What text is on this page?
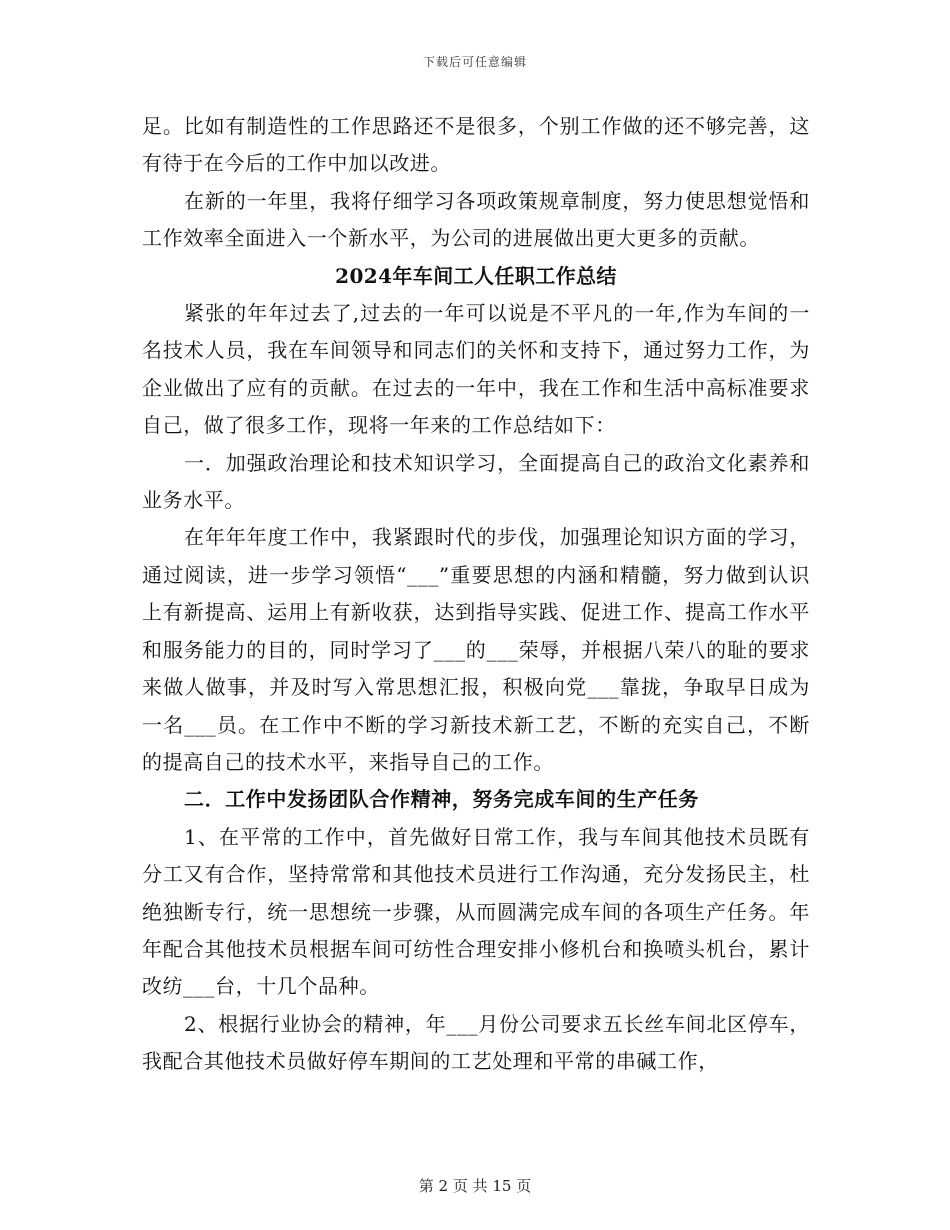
下载后可任意编辑

足。比如有制造性的工作思路还不是很多，个别工作做的还不够完善，这有待于在今后的工作中加以改进。

在新的一年里，我将仔细学习各项政策规章制度，努力使思想觉悟和工作效率全面进入一个新水平，为公司的进展做出更大更多的贡献。

2024年车间工人任职工作总结

紧张的年年过去了,过去的一年可以说是不平凡的一年,作为车间的一名技术人员，我在车间领导和同志们的关怀和支持下，通过努力工作，为企业做出了应有的贡献。在过去的一年中，我在工作和生活中高标准要求自己，做了很多工作，现将一年来的工作总结如下：

一．加强政治理论和技术知识学习，全面提高自己的政治文化素养和业务水平。

在年年年度工作中，我紧跟时代的步伐，加强理论知识方面的学习，通过阅读，进一步学习领悟“___”重要思想的内涵和精髓，努力做到认识上有新提高、运用上有新收获，达到指导实践、促进工作、提高工作水平和服务能力的目的，同时学习了___的___荣辱，并根据八荣八的耻的要求来做人做事，并及时写入常思想汇报，积极向党___靠拢，争取早日成为一名___员。在工作中不断的学习新技术新工艺，不断的充实自己，不断的提高自己的技术水平，来指导自己的工作。

二．工作中发扬团队合作精神，努务完成车间的生产任务

1、在平常的工作中，首先做好日常工作，我与车间其他技术员既有分工又有合作，坚持常常和其他技术员进行工作沟通，充分发扬民主，杜绝独断专行，统一思想统一步骤，从而圆满完成车间的各项生产任务。年年配合其他技术员根据车间可纺性合理安排小修机台和换喷头机台，累计改纺___台，十几个品种。

2、根据行业协会的精神，年___月份公司要求五长丝车间北区停车，我配合其他技术员做好停车期间的工艺处理和平常的串碱工作，

第 2 页 共 15 页
